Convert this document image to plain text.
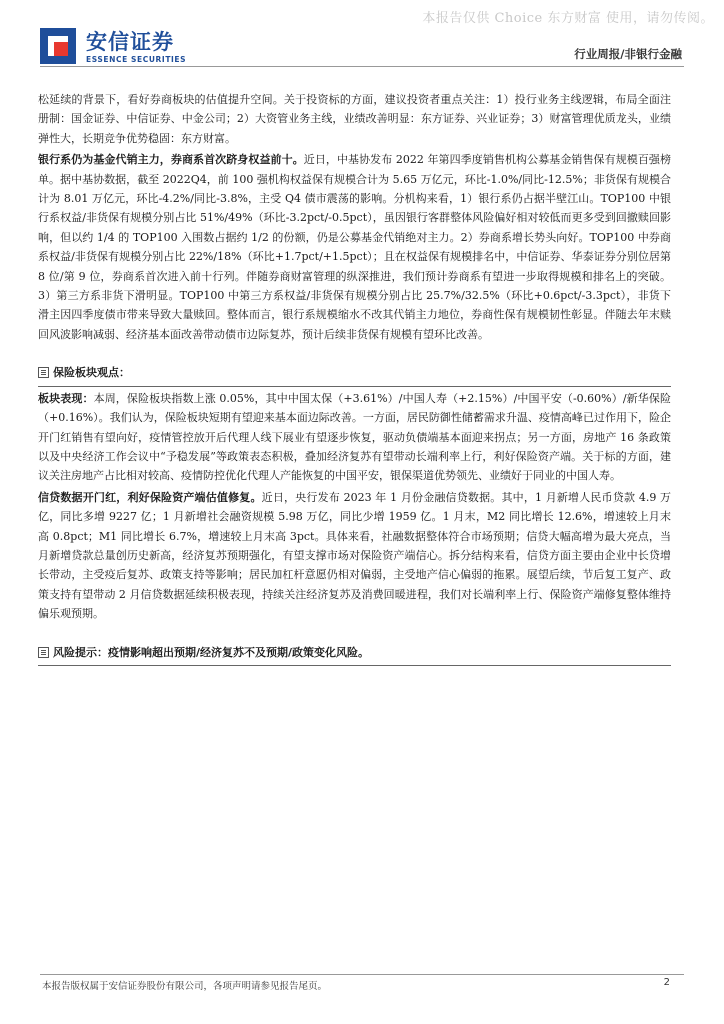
本报告仅供 Choice 东方财富 使用，请勿传阅。
安信证券
ESSENCE SECURITIES	行业周报/非银行金融

松延续的背景下，看好券商板块的估值提升空间。关于投资标的方面，建议投资者重点关注：1）投行业务主线逻辑，布局全面注册制：国金证券、中信证券、中金公司；2）大资管业务主线，业绩改善明显：东方证券、兴业证券；3）财富管理优质龙头，业绩弹性大，长期竞争优势稳固：东方财富。

银行系仍为基金代销主力，券商系首次跻身权益前十。近日，中基协发布 2022 年第四季度销售机构公募基金销售保有规模百强榜单。据中基协数据，截至 2022Q4，前 100 强机构权益保有规模合计为 5.65 万亿元，环比-1.0%/同比-12.5%；非货保有规模合计为 8.01 万亿元，环比-4.2%/同比-3.8%，主受 Q4 债市震荡的影响。分机构来看，1）银行系仍占据半壁江山。TOP100 中银行系权益/非货保有规模分别占比 51%/49%（环比-3.2pct/-0.5pct），虽因银行客群整体风险偏好相对较低而更多受到回撤赎回影响，但以约 1/4 的 TOP100 入围数占据约 1/2 的份额，仍是公募基金代销绝对主力。2）券商系增长势头向好。TOP100 中券商系权益/非货保有规模分别占比 22%/18%（环比+1.7pct/+1.5pct）；且在权益保有规模排名中，中信证券、华泰证券分别位居第 8 位/第 9 位，券商系首次进入前十行列。伴随券商财富管理的纵深推进，我们预计券商系有望进一步取得规模和排名上的突破。3）第三方系非货下滑明显。TOP100 中第三方系权益/非货保有规模分别占比 25.7%/32.5%（环比+0.6pct/-3.3pct），非货下滑主因四季度债市带来导致大量赎回。整体而言，银行系规模缩水不改其代销主力地位，券商性保有规模韧性彰显。伴随去年末赎回风波影响减弱、经济基本面改善带动债市边际复苏，预计后续非货保有规模有望环比改善。

保险板块观点：

板块表现：本周，保险板块指数上涨 0.05%，其中中国太保（+3.61%）/中国人寿（+2.15%）/中国平安（-0.60%）/新华保险（+0.16%）。我们认为，保险板块短期有望迎来基本面边际改善。一方面，居民防御性储蓄需求升温、疫情高峰已过作用下，险企开门红销售有望向好，疫情管控放开后代理人线下展业有望逐步恢复，驱动负债端基本面迎来拐点；另一方面，房地产 16 条政策以及中央经济工作会议中“予稳发展”等政策表态积极，叠加经济复苏有望带动长端利率上行，利好保险资产端。关于标的方面，建议关注房地产占比相对较高、疫情防控优化代理人产能恢复的中国平安，银保渠道优势领先、业绩好于同业的中国人寿。

信贷数据开门红，利好保险资产端估值修复。近日，央行发布 2023 年 1 月份金融信贷数据。其中，1 月新增人民币贷款 4.9 万亿，同比多增 9227 亿；1 月新增社会融资规模 5.98 万亿，同比少增 1959 亿。1 月末，M2 同比增长 12.6%，增速较上月末高 0.8pct；M1 同比增长 6.7%，增速较上月末高 3pct。具体来看，社融数据整体符合市场预期；信贷大幅高增为最大亮点，当月新增贷款总量创历史新高，经济复苏预期强化，有望支撑市场对保险资产端信心。拆分结构来看，信贷方面主要由企业中长贷增长带动，主受疫后复苏、政策支持等影响；居民加杠杆意愿仍相对偏弱，主受地产信心偏弱的拖累。展望后续，节后复工复产、政策支持有望带动 2 月信贷数据延续积极表现，持续关注经济复苏及消费回暖进程，我们对长端利率上行、保险资产端修复整体维持偏乐观预期。

风险提示： 疫情影响超出预期/经济复苏不及预期/政策变化风险。

本报告版权属于安信证券股份有限公司，各项声明请参见报告尾页。	2
